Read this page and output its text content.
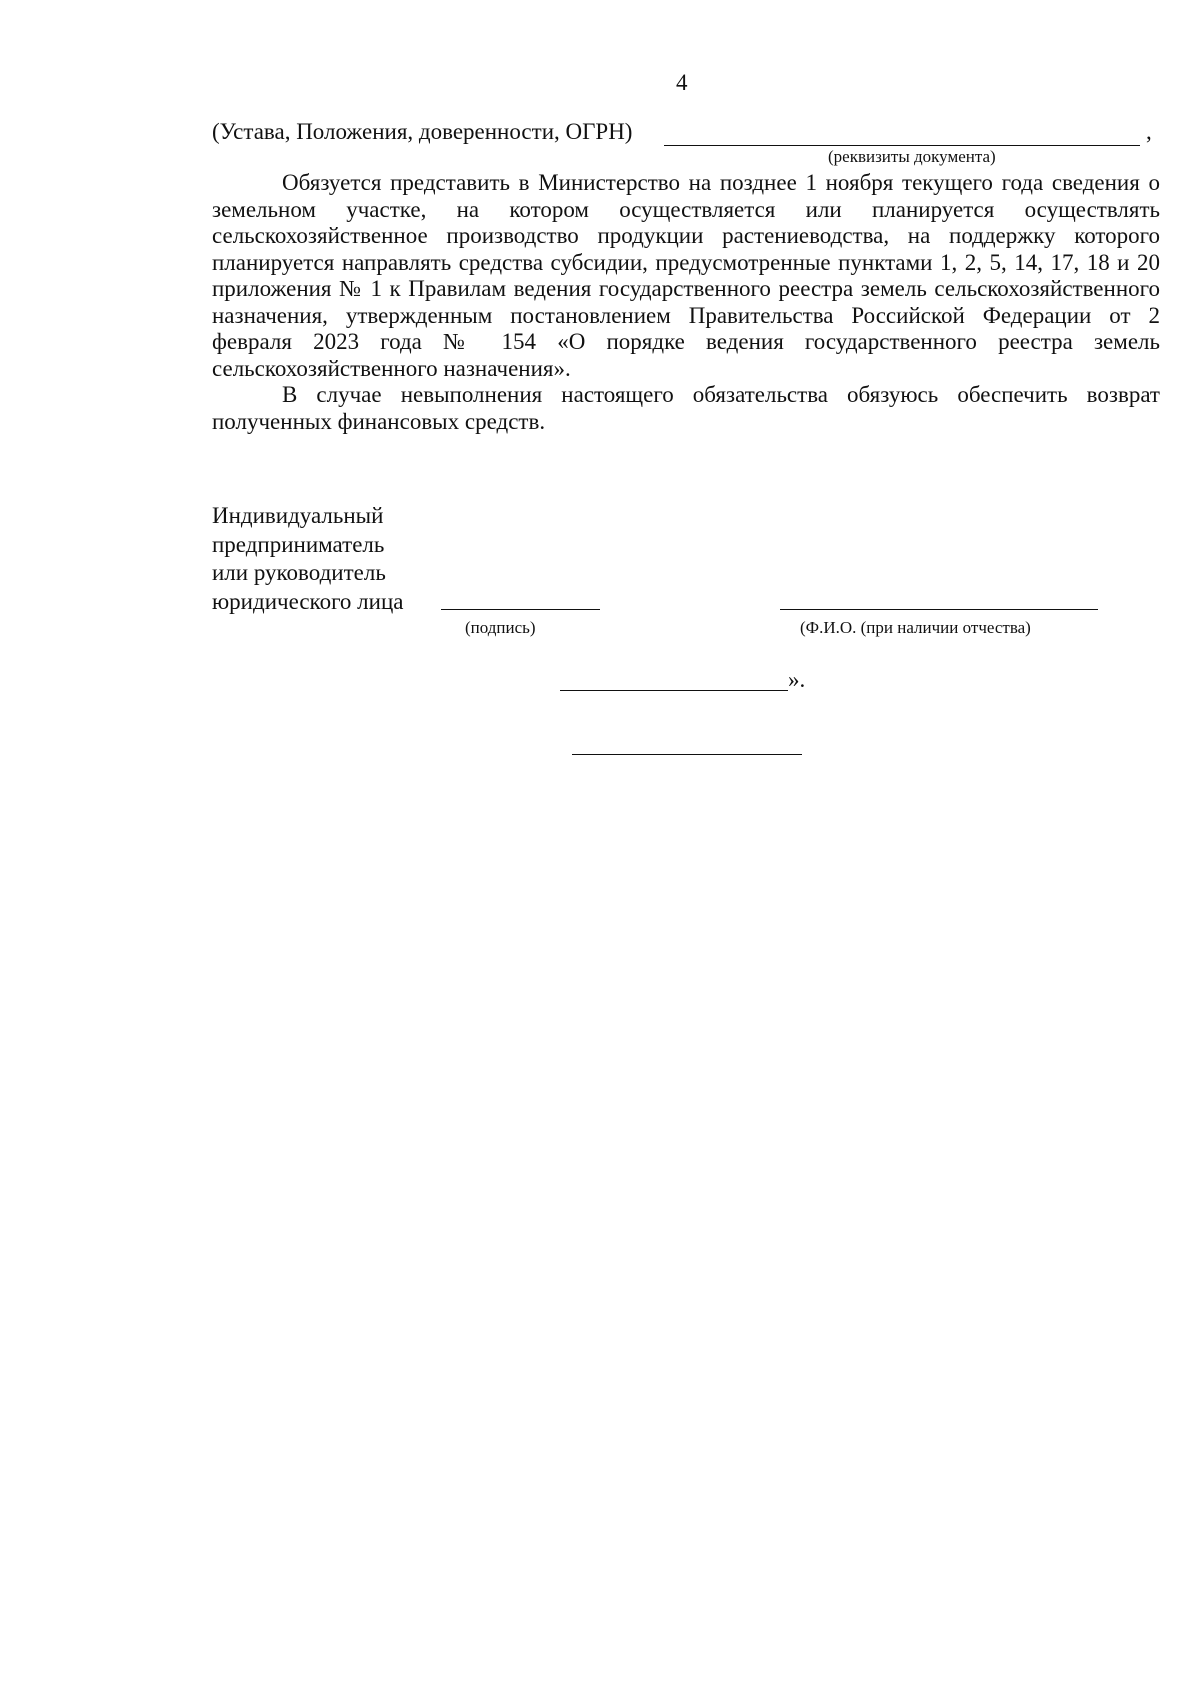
4
(Устава, Положения, доверенности, ОГРН)	,
(реквизиты документа)

Обязуется представить в Министерство на позднее 1 ноября текущего года сведения о земельном участке, на котором осуществляется или планируется осуществлять сельскохозяйственное производство продукции растениеводства, на поддержку которого планируется направлять средства субсидии, предусмотренные пунктами 1, 2, 5, 14, 17, 18 и 20 приложения № 1 к Правилам ведения государственного реестра земель сельскохозяйственного назначения, утвержденным постановлением Правительства Российской Федерации от 2 февраля 2023 года № 154 «О порядке ведения государственного реестра земель сельскохозяйственного назначения».

В случае невыполнения настоящего обязательства обязуюсь обеспечить возврат полученных финансовых средств.

Индивидуальный
предприниматель
или руководитель
юридического лица
(подпись)	(Ф.И.О. (при наличии отчества)
».
